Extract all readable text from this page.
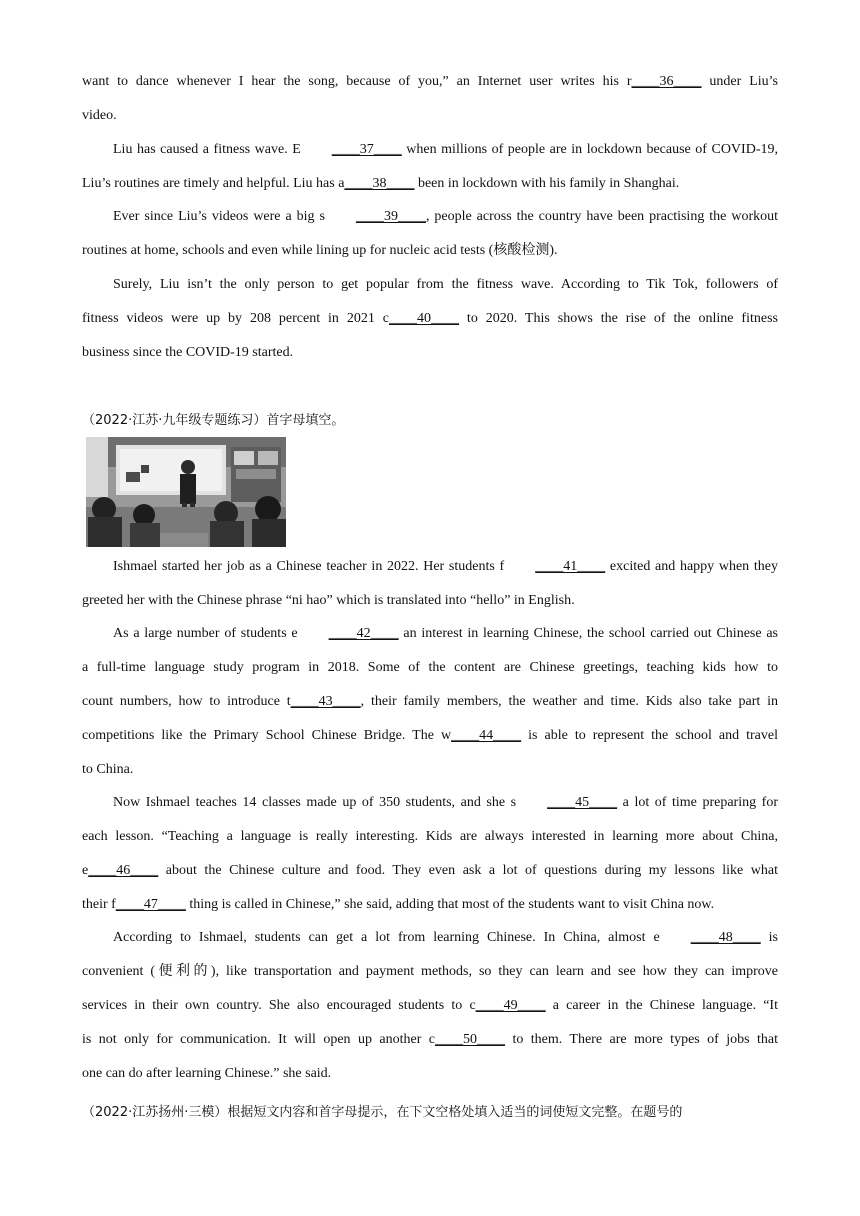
want to dance whenever I hear the song, because of you,” an Internet user writes his r____36____ under Liu’s
video.
Liu has caused a fitness wave. E ____37____ when millions of people are in lockdown because of COVID-19,
Liu’s routines are timely and helpful. Liu has a____38____ been in lockdown with his family in Shanghai.
Ever since Liu’s videos were a big s ____39____, people across the country have been practising the workout
routines at home, schools and even while lining up for nucleic acid tests (核酸检测).
Surely, Liu isn’t the only person to get popular from the fitness wave. According to Tik Tok, followers of
fitness videos were up by 208 percent in 2021 c____40____ to 2020. This shows the rise of the online fitness
business since the COVID-19 started.
（2022·江苏·九年级专题练习）首字母填空。
Ishmael started her job as a Chinese teacher in 2022. Her students f ____41____ excited and happy when they
greeted her with the Chinese phrase “ni hao” which is translated into “hello” in English.
As a large number of students e ____42____ an interest in learning Chinese, the school carried out Chinese as
a full-time language study program in 2018. Some of the content are Chinese greetings, teaching kids how to
count numbers, how to introduce t____43____, their family members, the weather and time. Kids also take part in
competitions like the Primary School Chinese Bridge. The w____44____ is able to represent the school and travel
to China.
Now Ishmael teaches 14 classes made up of 350 students, and she s ____45____ a lot of time preparing for
each lesson. “Teaching a language is really interesting. Kids are always interested in learning more about China,
e____46____ about the Chinese culture and food. They even ask a lot of questions during my lessons like what
their f____47____ thing is called in Chinese,” she said, adding that most of the students want to visit China now.
According to Ishmael, students can get a lot from learning Chinese. In China, almost e ____48____ is
convenient (便利的), like transportation and payment methods, so they can learn and see how they can improve
services in their own country. She also encouraged students to c____49____ a career in the Chinese language. “It
is not only for communication. It will open up another c____50____ to them. There are more types of jobs that
one can do after learning Chinese.” she said.
（2022·江苏扬州·三模）根据短文内容和首字母提示，在下文空格处填入适当的词使短文完整。在题号的
